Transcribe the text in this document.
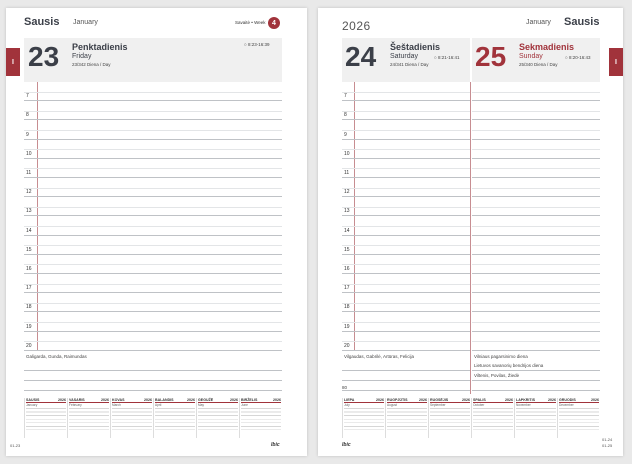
I
Sausis January	Savaitė • Week 4
23 Penktadienis
Friday
23/342 Diena / Day
○ 8:23-16:39
7
8
9
10
11
12
13
14
15
16
17
18
19
20
Galigarda, Gunda, Raimundas
SAUSIS	2026
January
VASARIS	2026
February
KOVAS	2026
March
BALANDIS	2026
April
GEGUŽĖ	2026
May
BIRŽELIS	2026
June
01-23	Ibic
I
2026	January Sausis
24 Šeštadienis
Saturday
24/341 Diena / Day
○ 8:21-16:41 25 Sekmadienis
Sunday
25/340 Diena / Day
○ 8:20-16:43
7
8
9
10
11
12
13
14
15
16
17
18
19
20
Vilgaudas, Gabrilė, Artūras, Felicija	Vilniaus pagarsinimo diena
Lietuvos savanorių bendrijos diena
Viltenis, Povilas, Žiedė
80
LIEPA	2026
July
RUGPJŪTIS	2026
August
RUGSĖJIS	2026
September
SPALIS	2026
October
LAPKRITIS	2026
November
GRUODIS	2026
December
Ibic
01-24
01-25
